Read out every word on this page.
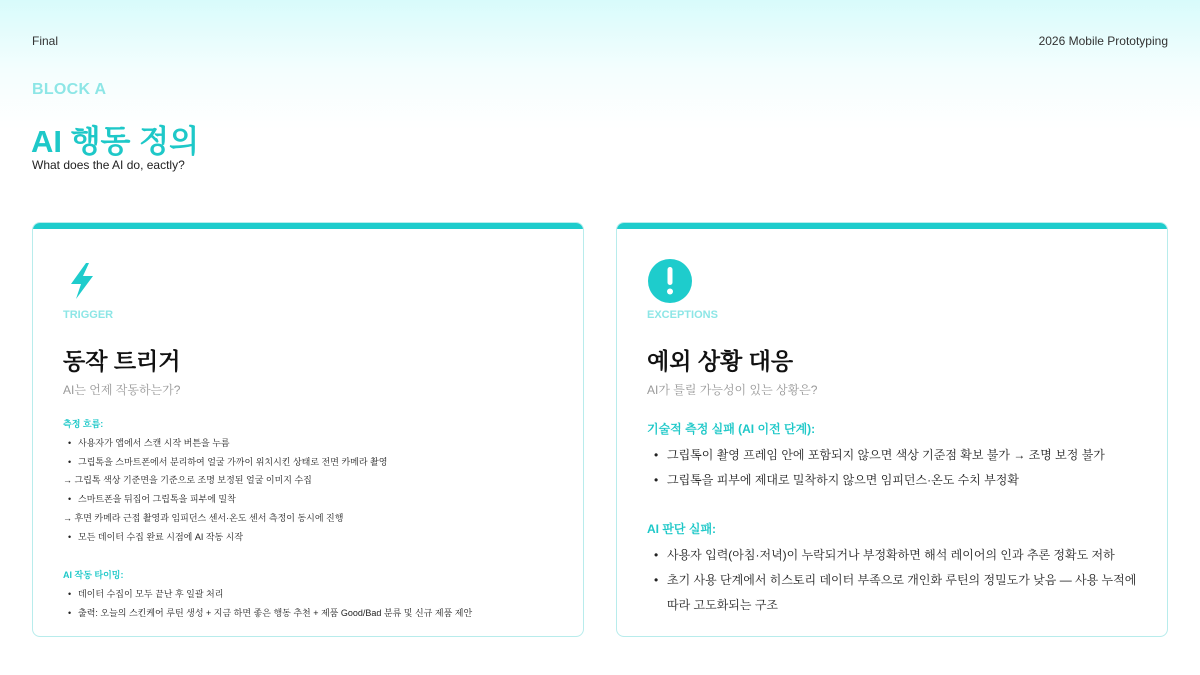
Final	2026 Mobile Prototyping
BLOCK A
AI 행동 정의
What does the AI do, eactly?
TRIGGER
동작 트리거
AI는 언제 작동하는가?
측정 흐름:
• 사용자가 앱에서 스캔 시작 버튼을 누름
• 그립톡을 스마트폰에서 분리하여 얼굴 가까이 위치시킨 상태로 전면 카메라 촬영
→ 그립톡 색상 기준면을 기준으로 조명 보정된 얼굴 이미지 수집
• 스마트폰을 뒤집어 그립톡을 피부에 밀착
→ 후면 카메라 근접 촬영과 임피던스 센서·온도 센서 측정이 동시에 진행
• 모든 데이터 수집 완료 시점에 AI 작동 시작
AI 작동 타이밍:
• 데이터 수집이 모두 끝난 후 일괄 처리
• 출력: 오늘의 스킨케어 루틴 생성 + 지금 하면 좋은 행동 추천 + 제품 Good/Bad 분류 및 신규 제품 제안
EXCEPTIONS
예외 상황 대응
AI가 틀릴 가능성이 있는 상황은?
기술적 측정 실패 (AI 이전 단계):
• 그립톡이 촬영 프레임 안에 포함되지 않으면 색상 기준점 확보 불가 → 조명 보정 불가
• 그립톡을 피부에 제대로 밀착하지 않으면 임피던스·온도 수치 부정확
AI 판단 실패:
• 사용자 입력(아침·저녁)이 누락되거나 부정확하면 해석 레이어의 인과 추론 정확도 저하
• 초기 사용 단계에서 히스토리 데이터 부족으로 개인화 루틴의 정밀도가 낮음 — 사용 누적에 따라 고도화되는 구조
